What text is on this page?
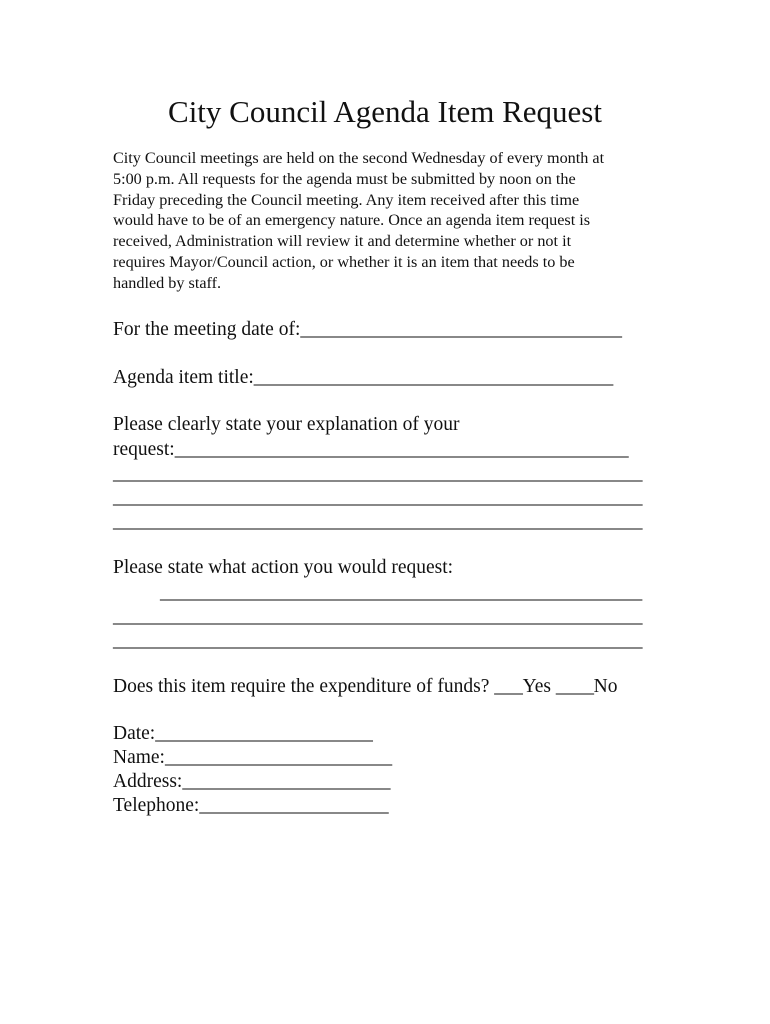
City Council Agenda Item Request
City Council meetings are held on the second Wednesday of every month at
5:00 p.m. All requests for the agenda must be submitted by noon on the
Friday preceding the Council meeting. Any item received after this time
would have to be of an emergency nature. Once an agenda item request is
received, Administration will review it and determine whether or not it
requires Mayor/Council action, or whether it is an item that needs to be
handled by staff.
For the meeting date of:__________________________________
Agenda item title:______________________________________
Please clearly state your explanation of your
request:________________________________________________
________________________________________________________
________________________________________________________
________________________________________________________
Please state what action you would request:
___________________________________________________
________________________________________________________
________________________________________________________
Does this item require the expenditure of funds? ___Yes ____No
Date:_______________________
Name:________________________
Address:______________________
Telephone:____________________
